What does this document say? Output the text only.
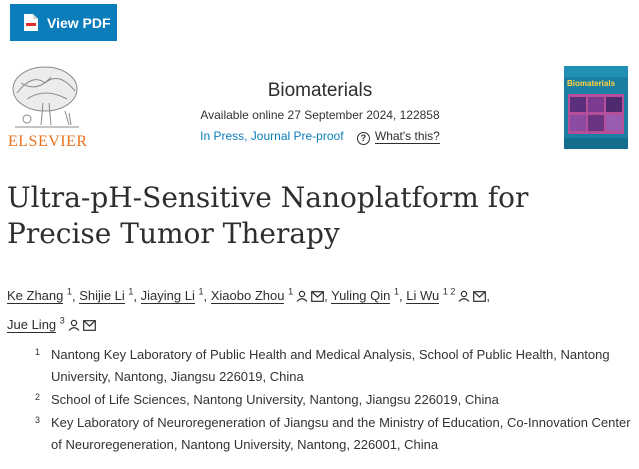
View PDF
ELSEVIER
Biomaterials
Available online 27 September 2024, 122858
In Press, Journal Pre-proof ? What's this?
Biomaterials
Ultra-pH-Sensitive Nanoplatform for Precise Tumor Therapy
Ke Zhang $^1$, Shijie Li $^1$, Jiaying Li $^1$, Xiaobo Zhou $^1$ , Yuling Qin $^1$, Li Wu $^{1 2}$ ,
Jue Ling $^3$
1 Nantong Key Laboratory of Public Health and Medical Analysis, School of Public Health, Nantong University, Nantong, Jiangsu 226019, China
2 School of Life Sciences, Nantong University, Nantong, Jiangsu 226019, China
3 Key Laboratory of Neuroregeneration of Jiangsu and the Ministry of Education, Co-Innovation Center of Neuroregeneration, Nantong University, Nantong, 226001, China
